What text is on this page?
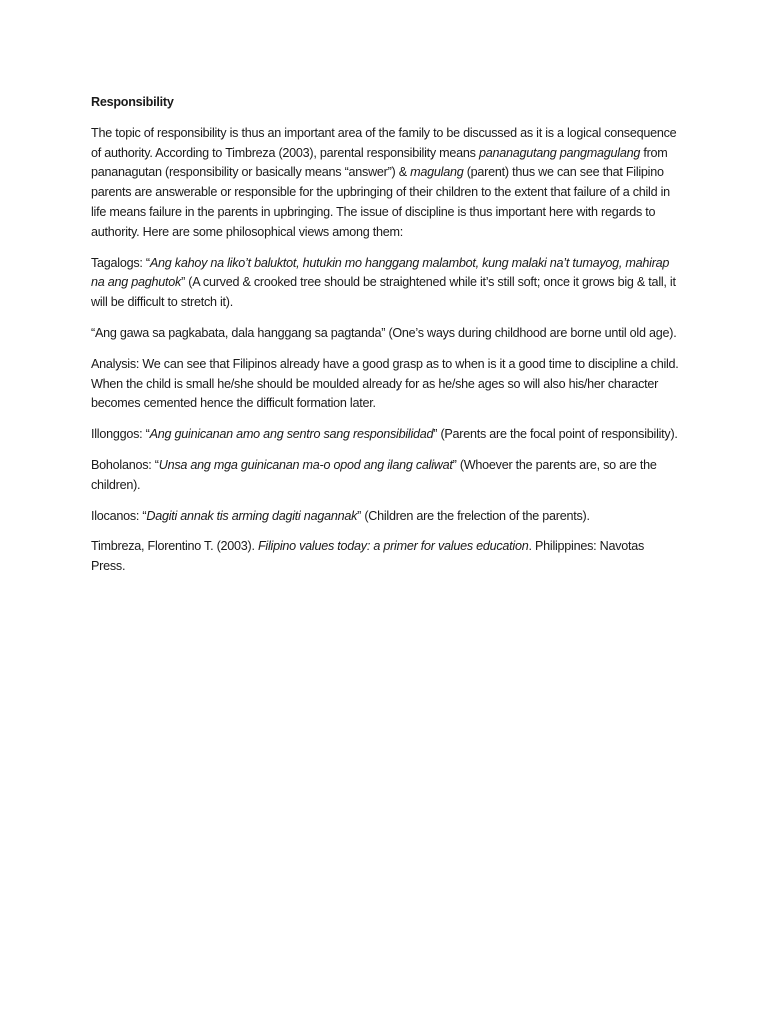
Responsibility

The topic of responsibility is thus an important area of the family to be discussed as it is a logical consequence of authority. According to Timbreza (2003), parental responsibility means pananagutang pangmagulang from pananagutan (responsibility or basically means “answer”) & magulang (parent) thus we can see that Filipino parents are answerable or responsible for the upbringing of their children to the extent that failure of a child in life means failure in the parents in upbringing. The issue of discipline is thus important here with regards to authority. Here are some philosophical views among them:

Tagalogs: “Ang kahoy na liko’t baluktot, hutukin mo hanggang malambot, kung malaki na’t tumayog, mahirap na ang paghutok” (A curved & crooked tree should be straightened while it’s still soft; once it grows big & tall, it will be difficult to stretch it).

“Ang gawa sa pagkabata, dala hanggang sa pagtanda” (One’s ways during childhood are borne until old age).

Analysis: We can see that Filipinos already have a good grasp as to when is it a good time to discipline a child. When the child is small he/she should be moulded already for as he/she ages so will also his/her character becomes cemented hence the difficult formation later.

Illonggos: “Ang guinicanan amo ang sentro sang responsibilidad” (Parents are the focal point of responsibility).

Boholanos: “Unsa ang mga guinicanan ma-o opod ang ilang caliwat” (Whoever the parents are, so are the children).

Ilocanos: “Dagiti annak tis arming dagiti nagannak” (Children are the frelection of the parents).

Timbreza, Florentino T. (2003). Filipino values today: a primer for values education. Philippines: Navotas Press.
